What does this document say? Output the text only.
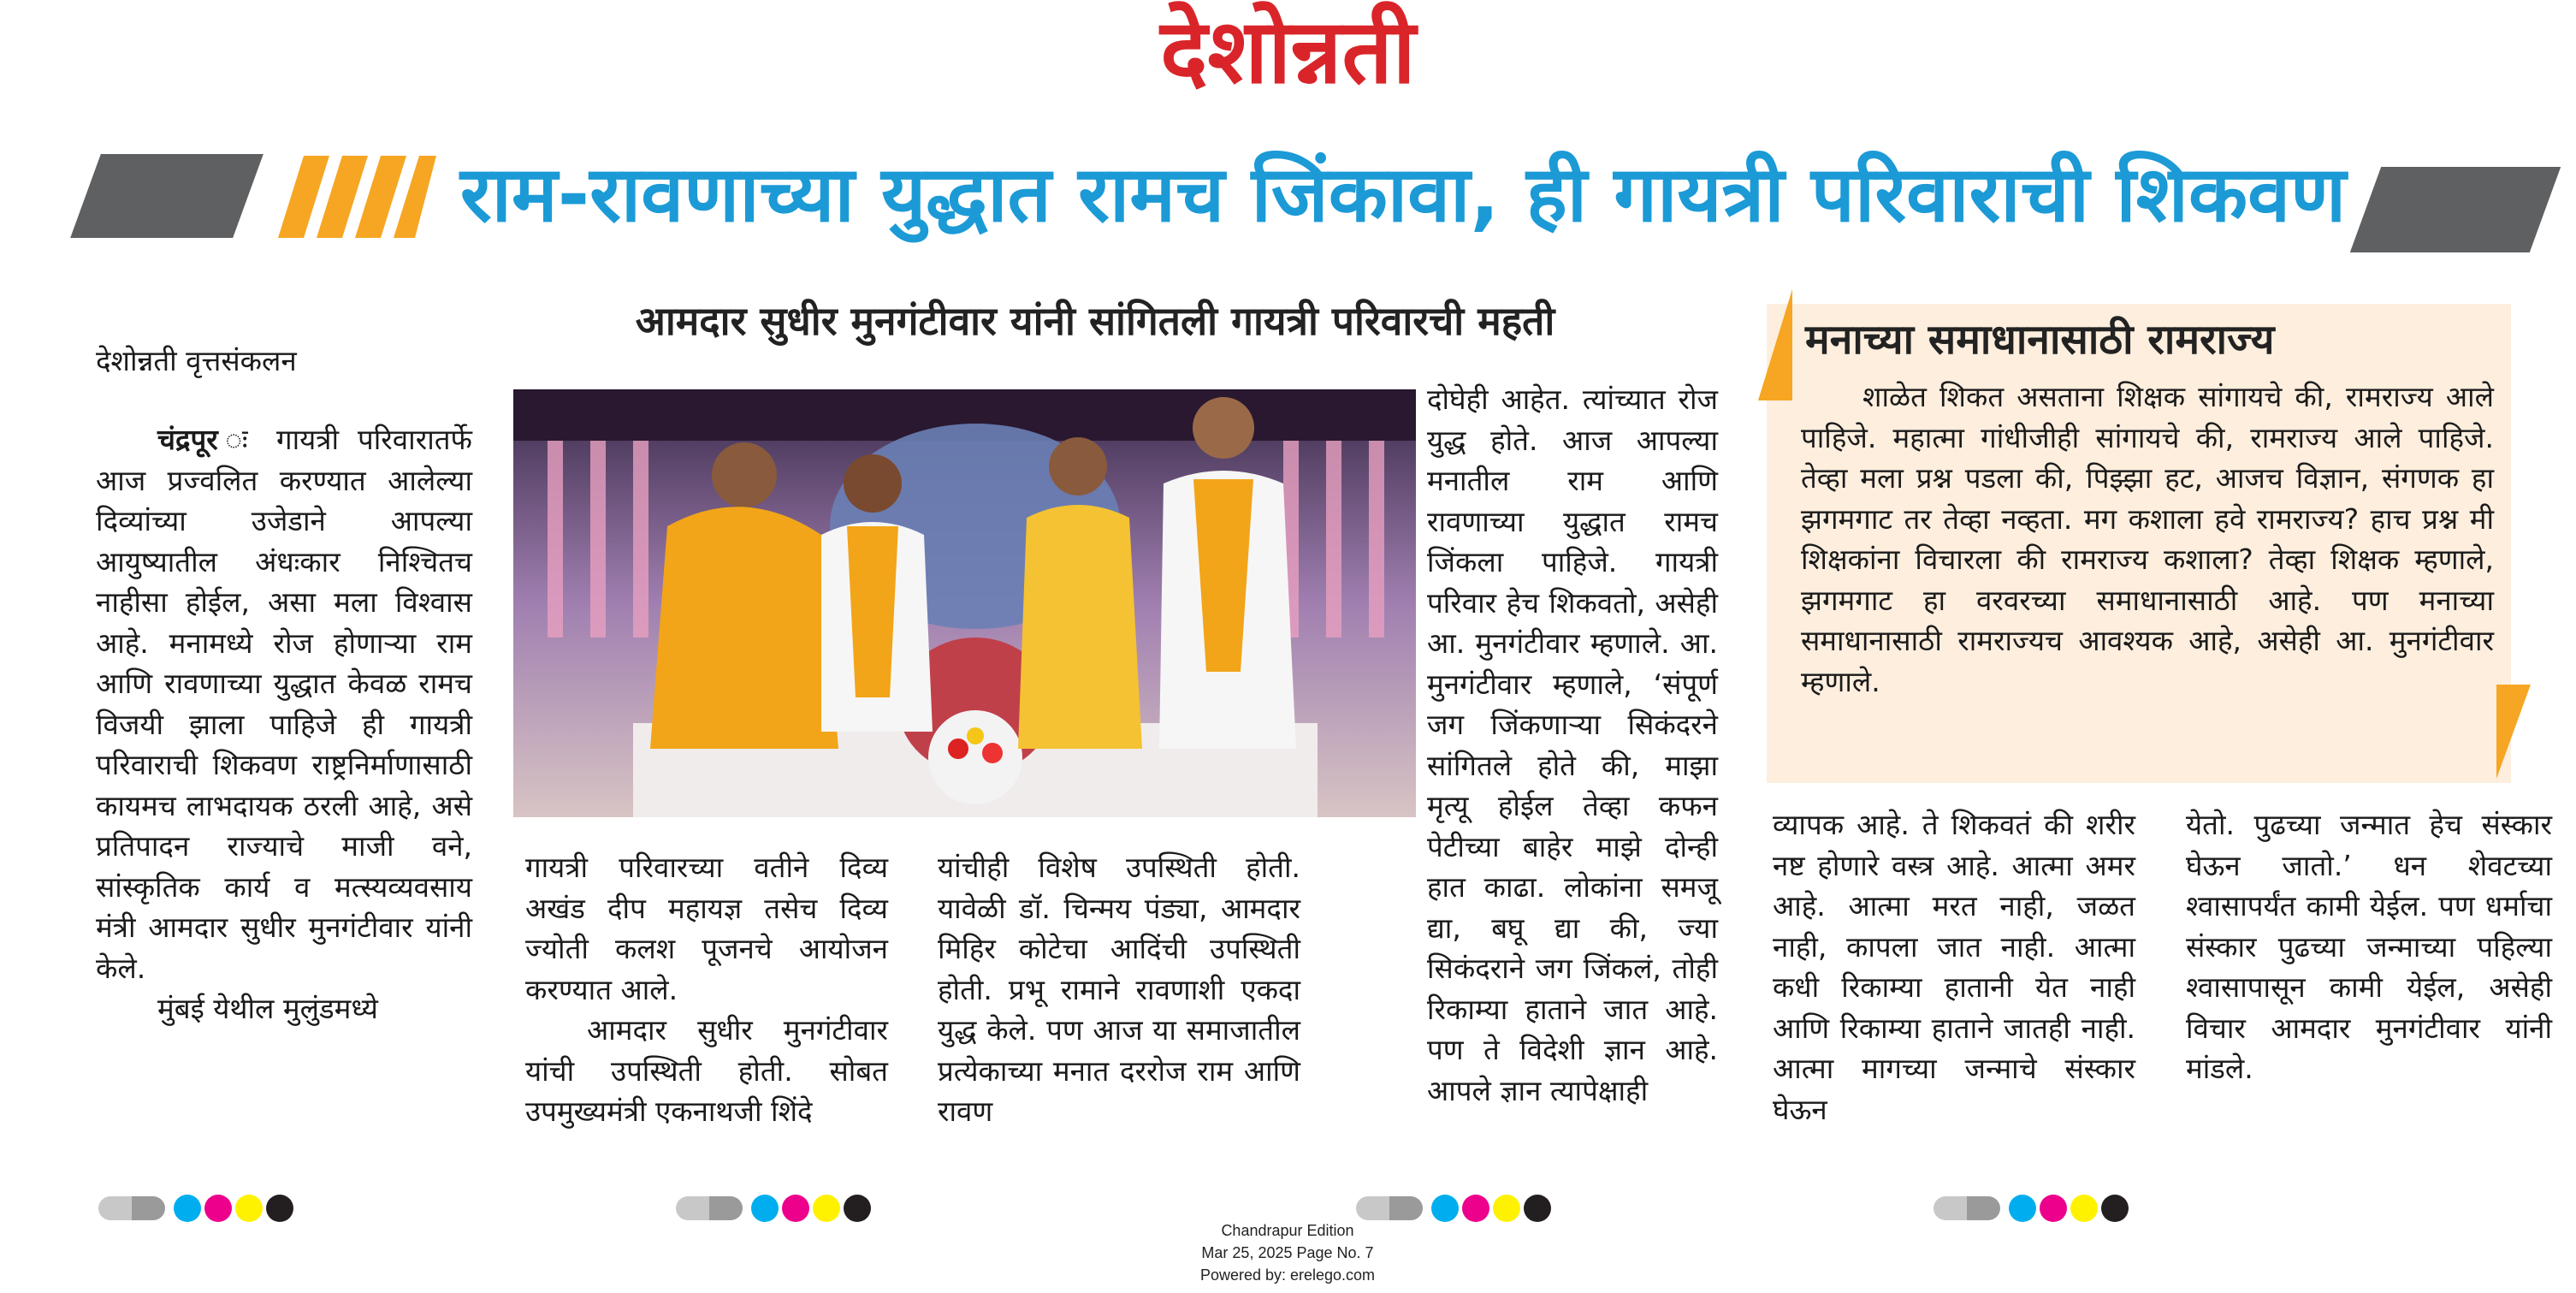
देशोन्नती
राम-रावणाच्या युद्धात रामच जिंकावा, ही गायत्री परिवाराची शिकवण
आमदार सुधीर मुनगंटीवार यांनी सांगितली गायत्री परिवारची महती
देशोन्नती वृत्तसंकलन

चंद्रपूर ः गायत्री परिवारातर्फे आज प्रज्वलित करण्यात आलेल्या दिव्यांच्या उजेडाने आपल्या आयुष्यातील अंधःकार निश्चितच नाहीसा होईल, असा मला विश्वास आहे. मनामध्ये रोज होणाऱ्या राम आणि रावणाच्या युद्धात केवळ रामच विजयी झाला पाहिजे ही गायत्री परिवाराची शिकवण राष्ट्रनिर्माणासाठी कायमच लाभदायक ठरली आहे, असे प्रतिपादन राज्याचे माजी वने, सांस्कृतिक कार्य व मत्स्यव्यवसाय मंत्री आमदार सुधीर मुनगंटीवार यांनी केले.

मुंबई येथील मुलुंडमध्ये

गायत्री परिवारच्या वतीने दिव्य अखंड दीप महायज्ञ तसेच दिव्य ज्योती कलश पूजनचे आयोजन करण्यात आले.

आमदार सुधीर मुनगंटीवार यांची उपस्थिती होती. सोबत उपमुख्यमंत्री एकनाथजी शिंदे

यांचीही विशेष उपस्थिती होती. यावेळी डॉ. चिन्मय पंड्या, आमदार मिहिर कोटेचा आदिंची उपस्थिती होती. प्रभू रामाने रावणाशी एकदा युद्ध केले. पण आज या समाजातील प्रत्येकाच्या मनात दररोज राम आणि रावण

दोघेही आहेत. त्यांच्यात रोज युद्ध होते. आज आपल्या मनातील राम आणि रावणाच्या युद्धात रामच जिंकला पाहिजे. गायत्री परिवार हेच शिकवतो, असेही आ. मुनगंटीवार म्हणाले. आ. मुनगंटीवार म्हणाले, ‘संपूर्ण जग जिंकणाऱ्या सिकंदरने सांगितले होते की, माझा मृत्यू होईल तेव्हा कफन पेटीच्या बाहेर माझे दोन्ही हात काढा. लोकांना समजू द्या, बघू द्या की, ज्या सिकंदराने जग जिंकलं, तोही रिकाम्या हाताने जात आहे. पण ते विदेशी ज्ञान आहे. आपले ज्ञान त्यापेक्षाही

मनाच्या समाधानासाठी रामराज्य

शाळेत शिकत असताना शिक्षक सांगायचे की, रामराज्य आले पाहिजे. महात्मा गांधीजीही सांगायचे की, रामराज्य आले पाहिजे. तेव्हा मला प्रश्न पडला की, पिझ्झा हट, आजच विज्ञान, संगणक हा झगमगाट तर तेव्हा नव्हता. मग कशाला हवे रामराज्य? हाच प्रश्न मी शिक्षकांना विचारला की रामराज्य कशाला? तेव्हा शिक्षक म्हणाले, झगमगाट हा वरवरच्या समाधानासाठी आहे. पण मनाच्या समाधानासाठी रामराज्यच आवश्यक आहे, असेही आ. मुनगंटीवार म्हणाले.

व्यापक आहे. ते शिकवतं की शरीर नष्ट होणारे वस्त्र आहे. आत्मा अमर आहे. आत्मा मरत नाही, जळत नाही, कापला जात नाही. आत्मा कधी रिकाम्या हातानी येत नाही आणि रिकाम्या हाताने जातही नाही. आत्मा मागच्या जन्माचे संस्कार घेऊन

येतो. पुढच्या जन्मात हेच संस्कार घेऊन जातो.’ धन शेवटच्या श्वासापर्यंत कामी येईल. पण धर्माचा संस्कार पुढच्या जन्माच्या पहिल्या श्वासापासून कामी येईल, असेही विचार आमदार मुनगंटीवार यांनी मांडले.

Chandrapur Edition
Mar 25, 2025 Page No. 7
Powered by: erelego.com
